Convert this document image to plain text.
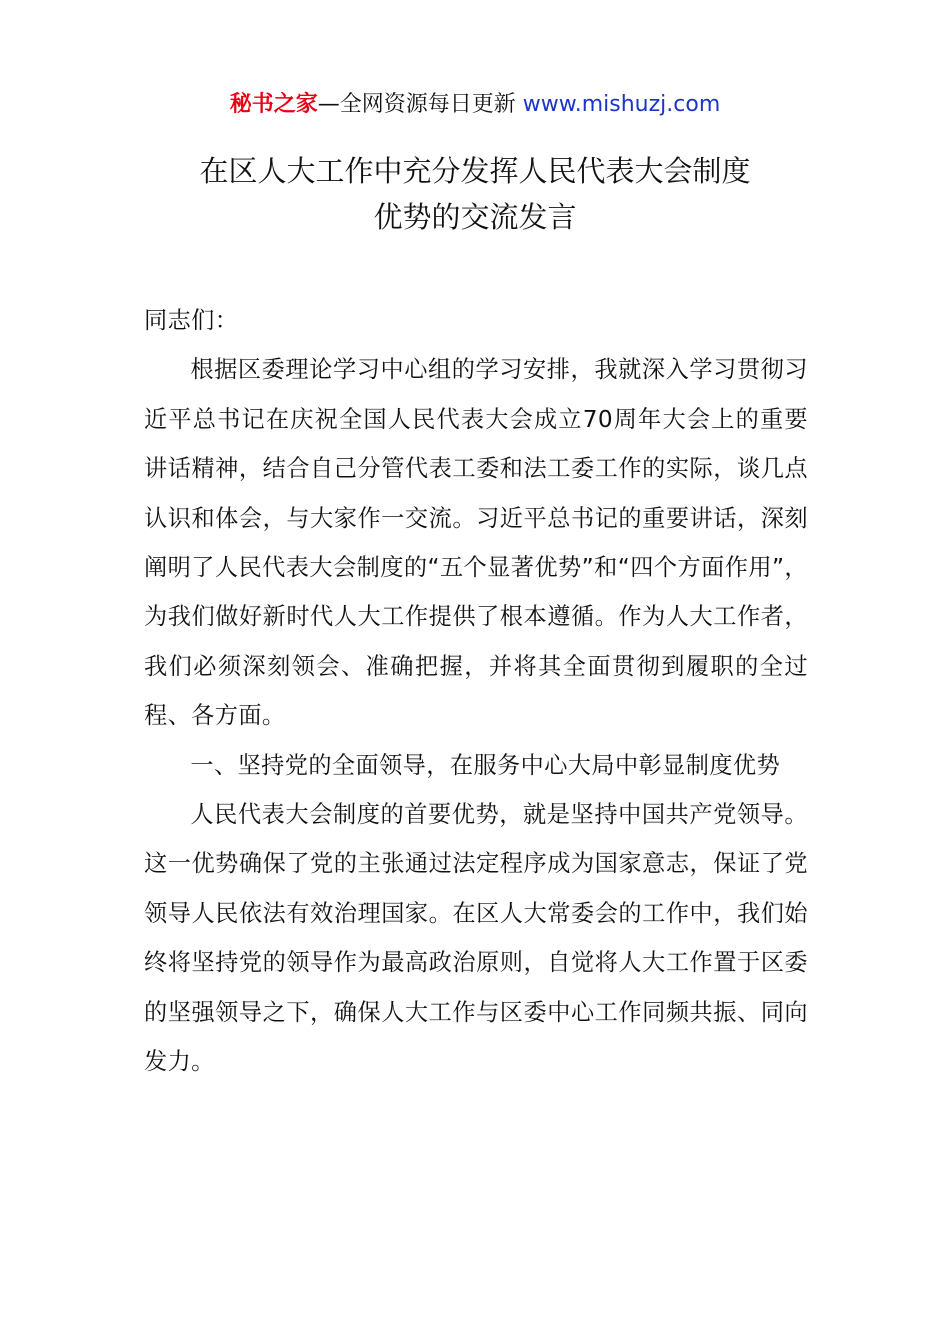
秘书之家—全网资源每日更新 www.mishuzj.com
在区人大工作中充分发挥人民代表大会制度
优势的交流发言

同志们：

根据区委理论学习中心组的学习安排，我就深入学习贯彻习近平总书记在庆祝全国人民代表大会成立70周年大会上的重要讲话精神，结合自己分管代表工委和法工委工作的实际，谈几点认识和体会，与大家作一交流。习近平总书记的重要讲话，深刻阐明了人民代表大会制度的“五个显著优势”和“四个方面作用”，为我们做好新时代人大工作提供了根本遵循。作为人大工作者，我们必须深刻领会、准确把握，并将其全面贯彻到履职的全过程、各方面。

一、坚持党的全面领导，在服务中心大局中彰显制度优势

人民代表大会制度的首要优势，就是坚持中国共产党领导。这一优势确保了党的主张通过法定程序成为国家意志，保证了党领导人民依法有效治理国家。在区人大常委会的工作中，我们始终将坚持党的领导作为最高政治原则，自觉将人大工作置于区委的坚强领导之下，确保人大工作与区委中心工作同频共振、同向发力。
